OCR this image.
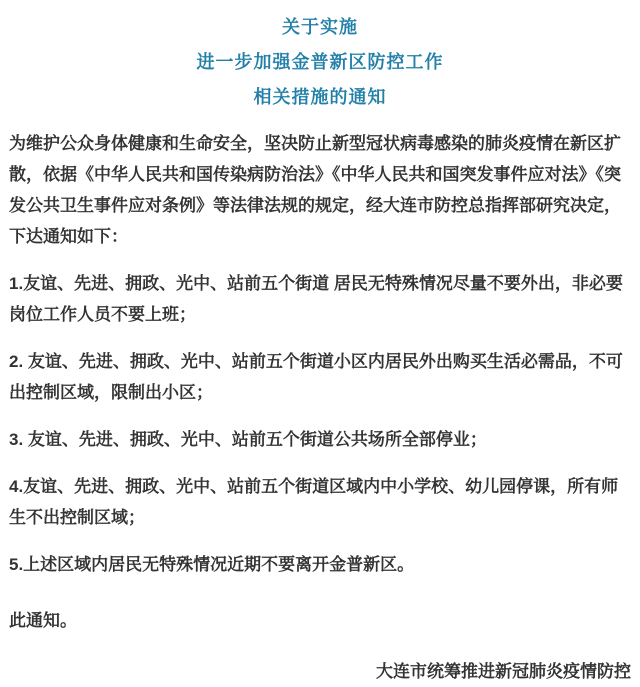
关于实施
进一步加强金普新区防控工作
相关措施的通知

为维护公众身体健康和生命安全，坚决防止新型冠状病毒感染的肺炎疫情在新区扩散，依据《中华人民共和国传染病防治法》《中华人民共和国突发事件应对法》《突发公共卫生事件应对条例》等法律法规的规定，经大连市防控总指挥部研究决定，下达通知如下：

1.友谊、先进、拥政、光中、站前五个街道 居民无特殊情况尽量不要外出，非必要岗位工作人员不要上班；

2. 友谊、先进、拥政、光中、站前五个街道小区内居民外出购买生活必需品，不可出控制区域，限制出小区；

3. 友谊、先进、拥政、光中、站前五个街道公共场所全部停业；

4.友谊、先进、拥政、光中、站前五个街道区域内中小学校、幼儿园停课，所有师生不出控制区域；

5.上述区域内居民无特殊情况近期不要离开金普新区。

此通知。

大连市统筹推进新冠肺炎疫情防控
